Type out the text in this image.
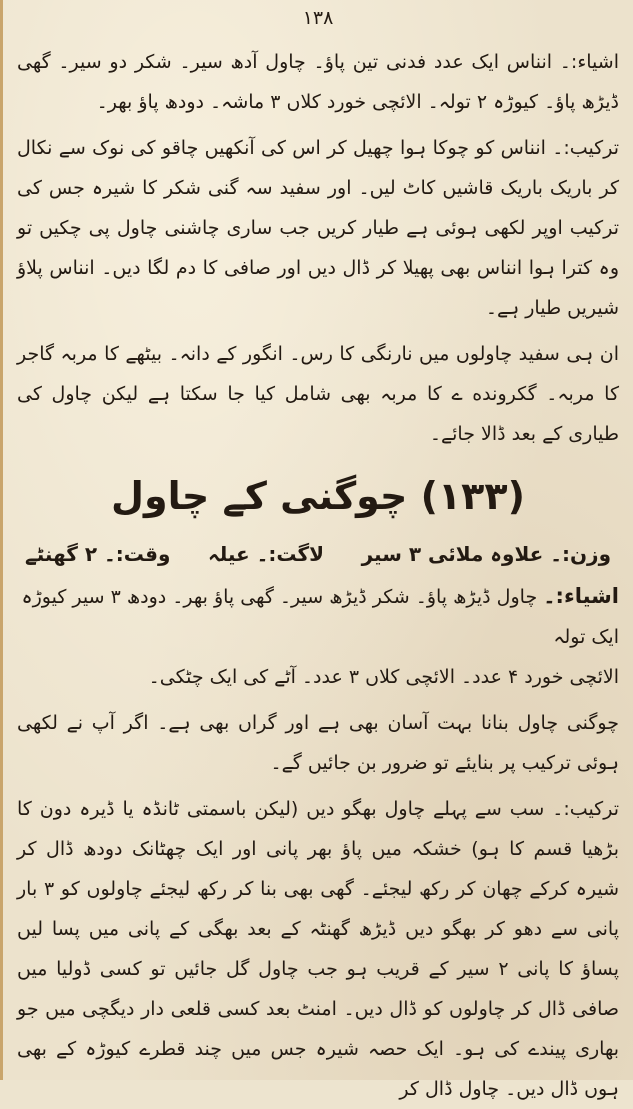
۱۳۸

اشیاء:۔ انناس ایک عدد فدنی تین پاؤ۔ چاول آدھ سیر۔ شکر دو سیر۔ گھی ڈیڑھ پاؤ۔ کیوڑہ ۲ تولہ۔ الائچی خورد کلاں ۳ ماشہ۔ دودھ پاؤ بھر۔

ترکیب:۔ انناس کو چوکا ہوا چھیل کر اس کی آنکھیں چاقو کی نوک سے نکال کر باریک باریک قاشیں کاٹ لیں۔ اور سفید سہ گنی شکر کا شیرہ جس کی ترکیب اوپر لکھی ہوئی ہے طیار کریں جب ساری چاشنی چاول پی چکیں تو وہ کترا ہوا انناس بھی پھیلا کر ڈال دیں اور صافی کا دم لگا دیں۔ انناس پلاؤ شیریں طیار ہے۔

ان ہی سفید چاولوں میں نارنگی کا رس۔ انگور کے دانہ۔ بیٹھے کا مربہ گاجر کا مربہ۔ گکرونده ے کا مربہ بھی شامل کیا جا سکتا ہے لیکن چاول کی طیاری کے بعد ڈالا جائے۔

(۱۳۳) چوگنی کے چاول
وزن:۔ علاوہ ملائی ۳ سیر
لاگت:۔ عیلہ
وقت:۔ ۲ گھنٹے

اشیاء:۔ چاول ڈیڑھ پاؤ۔ شکر ڈیڑھ سیر۔ گھی پاؤ بھر۔ دودھ ۳ سیر کیوڑہ ایک تولہ

الائچی خورد ۴ عدد۔ الائچی کلاں ۳ عدد۔ آٹے کی ایک چٹکی۔

چوگنی چاول بنانا بہت آسان بھی ہے اور گراں بھی ہے۔ اگر آپ نے لکھی ہوئی ترکیب پر بنایئے تو ضرور بن جائیں گے۔

ترکیب:۔ سب سے پہلے چاول بھگو دیں (لیکن باسمتی ٹانڈہ یا ڈیرہ دون کا بڑھیا قسم کا ہو) خشکہ میں پاؤ بھر پانی اور ایک چھٹانک دودھ ڈال کر شیرہ کرکے چھان کر رکھ لیجئے۔ گھی بھی بنا کر رکھ لیجئے چاولوں کو ۳ بار پانی سے دھو کر بھگو دیں ڈیڑھ گھنٹہ کے بعد بھگی کے پانی میں پسا لیں پساؤ کا پانی ۲ سیر کے قریب ہو جب چاول گل جائیں تو کسی ڈولیا میں صافی ڈال کر چاولوں کو ڈال دیں۔ امنٹ بعد کسی قلعی دار دیگچی میں جو بھاری پیندے کی ہو۔ ایک حصہ شیرہ جس میں چند قطرے کیوڑہ کے بھی ہوں ڈال دیں۔ چاول ڈال کر
